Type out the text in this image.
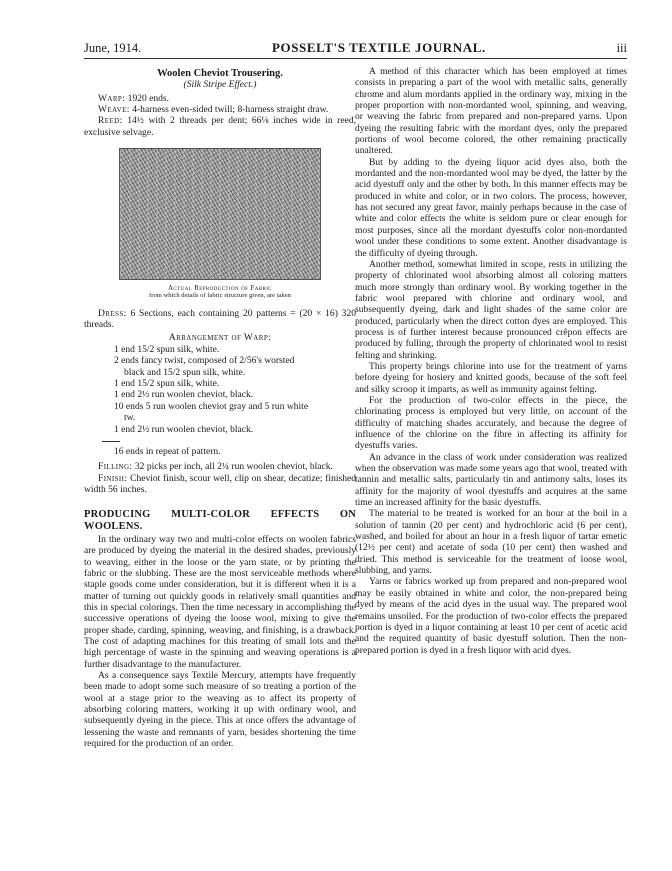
June, 1914.	POSSELT'S TEXTILE JOURNAL.	iii
Woolen Cheviot Trousering.
(Silk Stripe Effect.)

Warp: 1920 ends.

Weave: 4-harness even-sided twill; 8-harness straight draw.

Reed: 14½ with 2 threads per dent; 66⅛ inches wide in reed, exclusive selvage.

Actual Reproduction of Fabric
from which details of fabric structure given, are taken

Dress: 6 Sections, each containing 20 patterns = (20 × 16) 320 threads.

Arrangement of Warp:

1 end 15/2 spun silk, white.

2 ends fancy twist, composed of 2/56's worsted

black and 15/2 spun silk, white.

1 end 15/2 spun silk, white.

1 end 2½ run woolen cheviot, black.

10 ends 5 run woolen cheviot gray and 5 run white

tw.

1 end 2½ run woolen cheviot, black.

16 ends in repeat of pattern.

Filling: 32 picks per inch, all 2¼ run woolen cheviot, black.

Finish: Cheviot finish, scour well, clip on shear, decatize; finished width 56 inches.

PRODUCING MULTI-COLOR EFFECTS ON WOOLENS.

In the ordinary way two and multi-color effects on woolen fabrics are produced by dyeing the material in the desired shades, previously to weaving, either in the loose or the yarn state, or by printing the fabric or the slubbing. These are the most serviceable methods where staple goods come under consideration, but it is different when it is a matter of turning out quickly goods in relatively small quantities and this in special colorings. Then the time necessary in accomplishing the successive operations of dyeing the loose wool, mixing to give the proper shade, carding, spinning, weaving, and finishing, is a drawback. The cost of adapting machines for this treating of small lots and the high percentage of waste in the spinning and weaving operations is a further disadvantage to the manufacturer.

As a consequence says Textile Mercury, attempts have frequently been made to adopt some such measure of so treating a portion of the wool at a stage prior to the weaving as to affect its property of absorbing coloring matters, working it up with ordinary wool, and subsequently dyeing in the piece. This at once offers the advantage of lessening the waste and remnants of yarn, besides shortening the time required for the production of an order.

A method of this character which has been employed at times consists in preparing a part of the wool with metallic salts, generally chrome and alum mordants applied in the ordinary way, mixing in the proper proportion with non-mordanted wool, spinning, and weaving, or weaving the fabric from prepared and non-prepared yarns. Upon dyeing the resulting fabric with the mordant dyes, only the prepared portions of wool become colored, the other remaining practically unaltered.

But by adding to the dyeing liquor acid dyes also, both the mordanted and the non-mordanted wool may be dyed, the latter by the acid dyestuff only and the other by both. In this manner effects may be produced in white and color, or in two colors. The process, however, has not secured any great favor, mainly perhaps because in the case of white and color effects the white is seldom pure or clear enough for most purposes, since all the mordant dyestuffs color non-mordanted wool under these conditions to some extent. Another disadvantage is the difficulty of dyeing through.

Another method, somewhat limited in scope, rests in utilizing the property of chlorinated wool absorbing almost all coloring matters much more strongly than ordinary wool. By working together in the fabric wool prepared with chlorine and ordinary wool, and subsequently dyeing, dark and light shades of the same color are produced, particularly when the direct cotton dyes are employed. This process is of further interest because pronounced crêpon effects are produced by fulling, through the property of chlorinated wool to resist felting and shrinking.

This property brings chlorine into use for the treatment of yarns before dyeing for hosiery and knitted goods, because of the soft feel and silky scroop it imparts, as well as immunity against felting.

For the production of two-color effects in the piece, the chlorinating process is employed but very little, on account of the difficulty of matching shades accurately, and because the degree of influence of the chlorine on the fibre in affecting its affinity for dyestuffs varies.

An advance in the class of work under consideration was realized when the observation was made some years ago that wool, treated with tannin and metallic salts, particularly tin and antimony salts, loses its affinity for the majority of wool dyestuffs and acquires at the same time an increased affinity for the basic dyestuffs.

The material to be treated is worked for an hour at the boil in a solution of tannin (20 per cent) and hydrochloric acid (6 per cent), washed, and boiled for about an hour in a fresh liquor of tartar emetic (12½ per cent) and acetate of soda (10 per cent) then washed and dried. This method is serviceable for the treatment of loose wool, slubbing, and yarns.

Yarns or fabrics worked up from prepared and non-prepared wool may be easily obtained in white and color, the non-prepared being dyed by means of the acid dyes in the usual way. The prepared wool remains unsoiled. For the production of two-color effects the prepared portion is dyed in a liquor containing at least 10 per cent of acetic acid and the required quantity of basic dyestuff solution. Then the non-prepared portion is dyed in a fresh liquor with acid dyes.
